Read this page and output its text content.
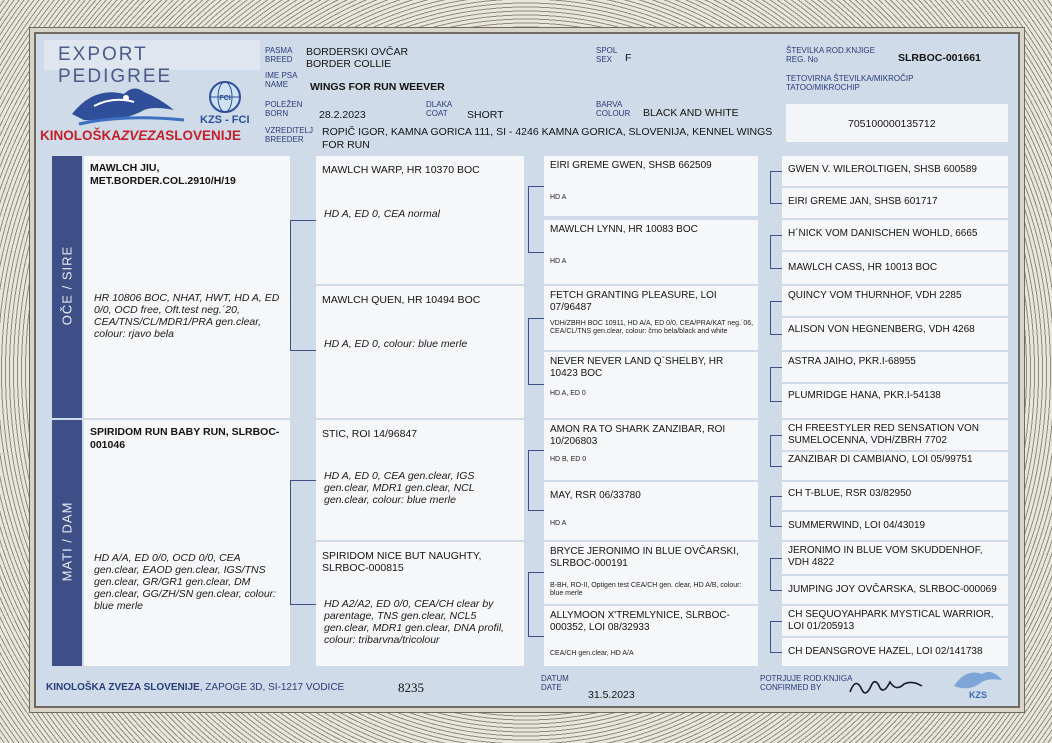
EXPORT PEDIGREE
FCI
KZS - FCI
KINOLOŠKAZVEZASLOVENIJE
PASMA
BREED
BORDERSKI OVČAR
BORDER COLLIE
IME PSA
NAME WINGS FOR RUN WEEVER
POLEŽEN
BORN	28.2.2023
DLAKA
COAT SHORT
VZREDITELJ
BREEDER
ROPIČ IGOR, KAMNA GORICA 111, SI - 4246 KAMNA GORICA, SLOVENIJA, KENNEL WINGS FOR RUN
SPOL
SEX F
BARVA
COLOUR BLACK AND WHITE
ŠTEVILKA ROD.KNJIGE
REG. No	SLRBOC-001661
TETOVIRNA ŠTEVILKA/MIKROČIP
TATOO/MIKROCHIP
705100000135712
OČE / SIRE
MATI / DAM
MAWLCH JIU, MET.BORDER.COL.2910/H/19
HR 10806 BOC, NHAT, HWT, HD A, ED 0/0, OCD free, Oft.test neg.´20, CEA/TNS/CL/MDR1/PRA gen.clear, colour: rjavo bela
SPIRIDOM RUN BABY RUN, SLRBOC-001046
HD A/A, ED 0/0, OCD 0/0, CEA gen.clear, EAOD gen.clear, IGS/TNS gen.clear, GR/GR1 gen.clear, DM gen.clear, GG/ZH/SN gen.clear, colour: blue merle
MAWLCH WARP, HR 10370 BOC
HD A, ED 0, CEA normal
MAWLCH QUEN, HR 10494 BOC
HD A, ED 0, colour: blue merle
STIC, ROI 14/96847
HD A, ED 0, CEA gen.clear, IGS gen.clear, MDR1 gen.clear, NCL gen.clear, colour: blue merle
SPIRIDOM NICE BUT NAUGHTY, SLRBOC-000815
HD A2/A2, ED 0/0, CEA/CH clear by parentage, TNS gen.clear, NCL5 gen.clear, MDR1 gen.clear, DNA profil, colour: tribarvna/tricolour
EIRI GREME GWEN, SHSB 662509
HD A
MAWLCH LYNN, HR 10083 BOC
HD A
FETCH GRANTING PLEASURE, LOI 07/96487
VDH/ZBRH BOC 10911, HD A/A, ED 0/0, CEA/PRA/KAT neg.´06, CEA/CL/TNS gen.clear, colour: črno bela/black and white
NEVER NEVER LAND Q`SHELBY, HR 10423 BOC
HD A, ED 0
AMON RA TO SHARK ZANZIBAR, ROI 10/206803
HD B, ED 0
MAY, RSR 06/33780
HD A
BRYCE JERONIMO IN BLUE OVČARSKI, SLRBOC-000191
B-BH, RO-II, Optigen test CEA/CH gen. clear, HD A/B, colour: blue merle
ALLYMOON X'TREMLYNICE, SLRBOC-000352, LOI 08/32933
CEA/CH gen.clear, HD A/A
GWEN V. WILEROLTIGEN, SHSB 600589
EIRI GREME JAN, SHSB 601717
H´NICK VOM DANISCHEN WOHLD, 6665
MAWLCH CASS, HR 10013 BOC
QUINCY VOM THURNHOF, VDH 2285
ALISON VON HEGNENBERG, VDH 4268
ASTRA JAIHO, PKR.I-68955
PLUMRIDGE HANA, PKR.I-54138
CH FREESTYLER RED SENSATION VON SUMELOCENNA, VDH/ZBRH 7702
ZANZIBAR DI CAMBIANO, LOI 05/99751
CH T-BLUE, RSR 03/82950
SUMMERWIND, LOI 04/43019
JERONIMO IN BLUE VOM SKUDDENHOF, VDH 4822
JUMPING JOY OVČARSKA, SLRBOC-000069
CH SEQUOYAHPARK MYSTICAL WARRIOR, LOI 01/205913
CH DEANSGROVE HAZEL, LOI 02/141738
KINOLOŠKA ZVEZA SLOVENIJE, ZAPOGE 3D, SI-1217 VODICE	8235
DATUM
DATE
31.5.2023
POTRJUJE ROD.KNJIGA
CONFIRMED BY
KZS
